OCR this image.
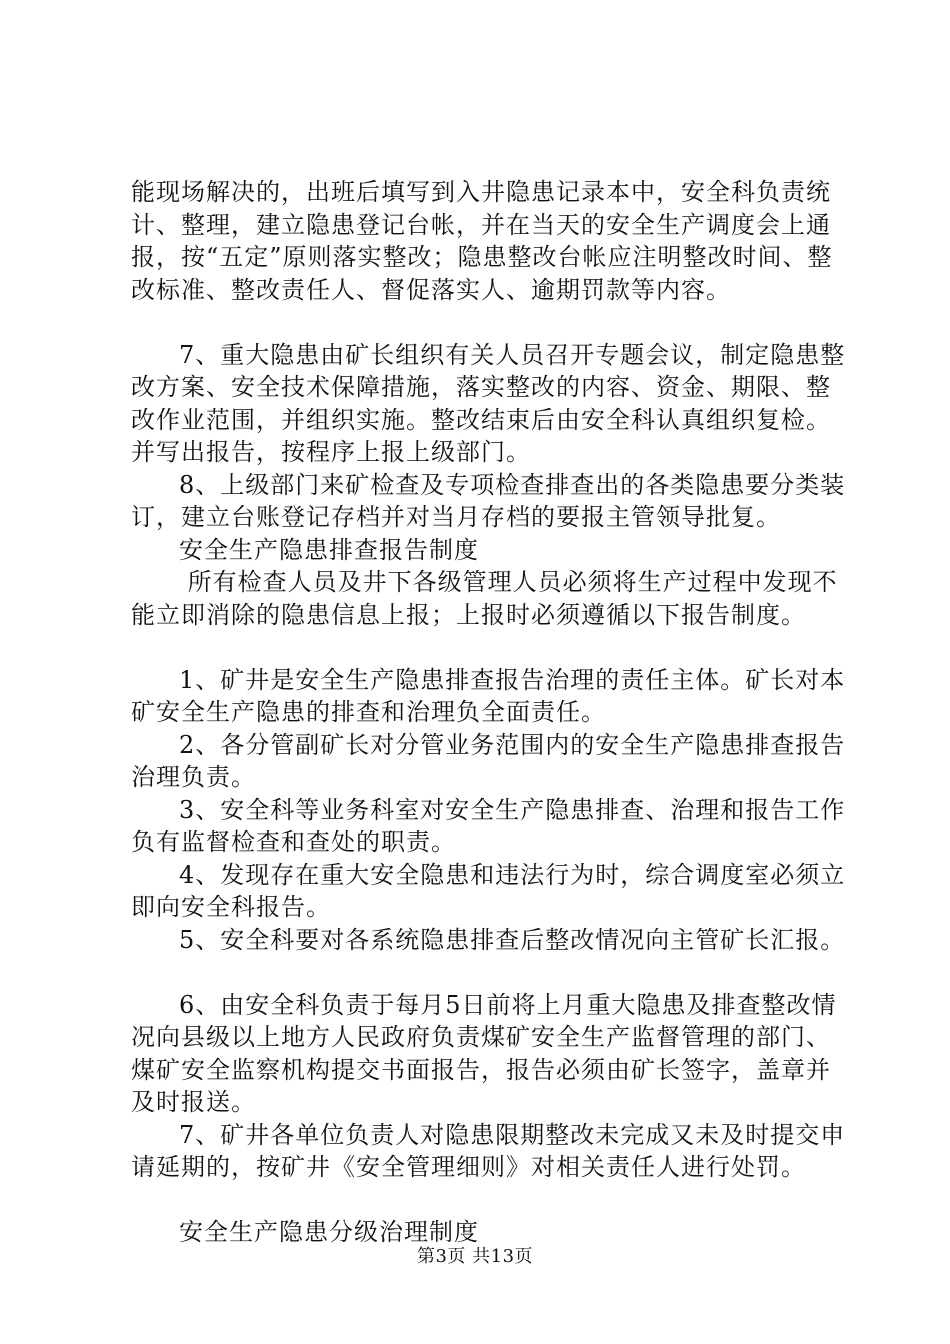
能现场解决的，出班后填写到入井隐患记录本中，安全科负责统计、整理，建立隐患登记台帐，并在当天的安全生产调度会上通报，按“五定”原则落实整改；隐患整改台帐应注明整改时间、整改标准、整改责任人、督促落实人、逾期罚款等内容。

7、重大隐患由矿长组织有关人员召开专题会议，制定隐患整改方案、安全技术保障措施，落实整改的内容、资金、期限、整改作业范围，并组织实施。整改结束后由安全科认真组织复检。并写出报告，按程序上报上级部门。

8、上级部门来矿检查及专项检查排查出的各类隐患要分类装订，建立台账登记存档并对当月存档的要报主管领导批复。

安全生产隐患排查报告制度

所有检查人员及井下各级管理人员必须将生产过程中发现不能立即消除的隐患信息上报；上报时必须遵循以下报告制度。

1、矿井是安全生产隐患排查报告治理的责任主体。矿长对本矿安全生产隐患的排查和治理负全面责任。

2、各分管副矿长对分管业务范围内的安全生产隐患排查报告治理负责。

3、安全科等业务科室对安全生产隐患排查、治理和报告工作负有监督检查和查处的职责。

4、发现存在重大安全隐患和违法行为时，综合调度室必须立即向安全科报告。

5、安全科要对各系统隐患排查后整改情况向主管矿长汇报。

6、由安全科负责于每月5日前将上月重大隐患及排查整改情况向县级以上地方人民政府负责煤矿安全生产监督管理的部门、煤矿安全监察机构提交书面报告，报告必须由矿长签字，盖章并及时报送。

7、矿井各单位负责人对隐患限期整改未完成又未及时提交申请延期的，按矿井《安全管理细则》对相关责任人进行处罚。

安全生产隐患分级治理制度

第3页 共13页
